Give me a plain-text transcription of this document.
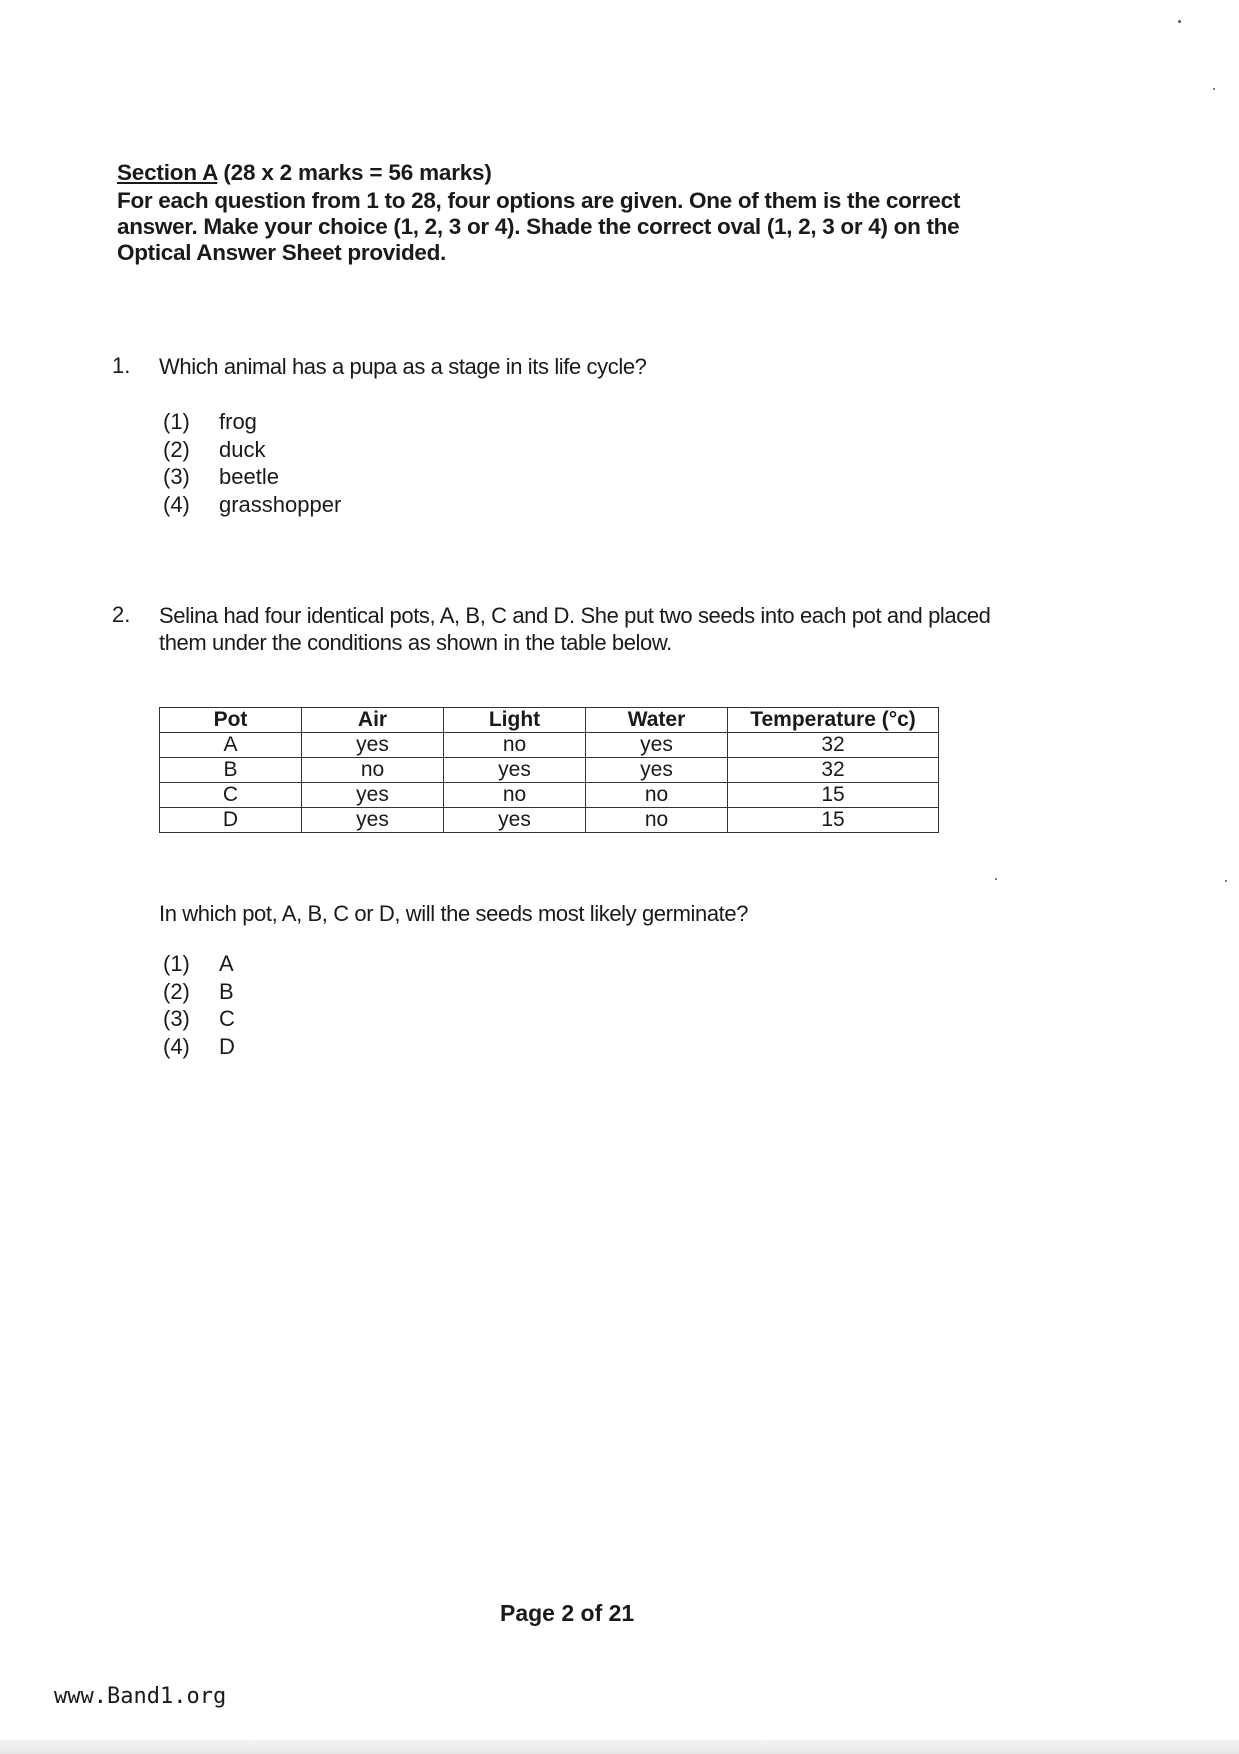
Section A (28 x 2 marks = 56 marks)
For each question from 1 to 28, four options are given. One of them is the correct answer. Make your choice (1, 2, 3 or 4). Shade the correct oval (1, 2, 3 or 4) on the Optical Answer Sheet provided.
1. Which animal has a pupa as a stage in its life cycle?
(1)	frog
(2)	duck
(3)	beetle
(4)	grasshopper
2. Selina had four identical pots, A, B, C and D. She put two seeds into each pot and placed them under the conditions as shown in the table below.
Pot	Air	Light	Water	Temperature (°c)
A	yes	no	yes	32
B	no	yes	yes	32
C	yes	no	no	15
D	yes	yes	no	15
In which pot, A, B, C or D, will the seeds most likely germinate?
(1)	A
(2)	B
(3)	C
(4)	D
Page 2 of 21
www.Band1.org
